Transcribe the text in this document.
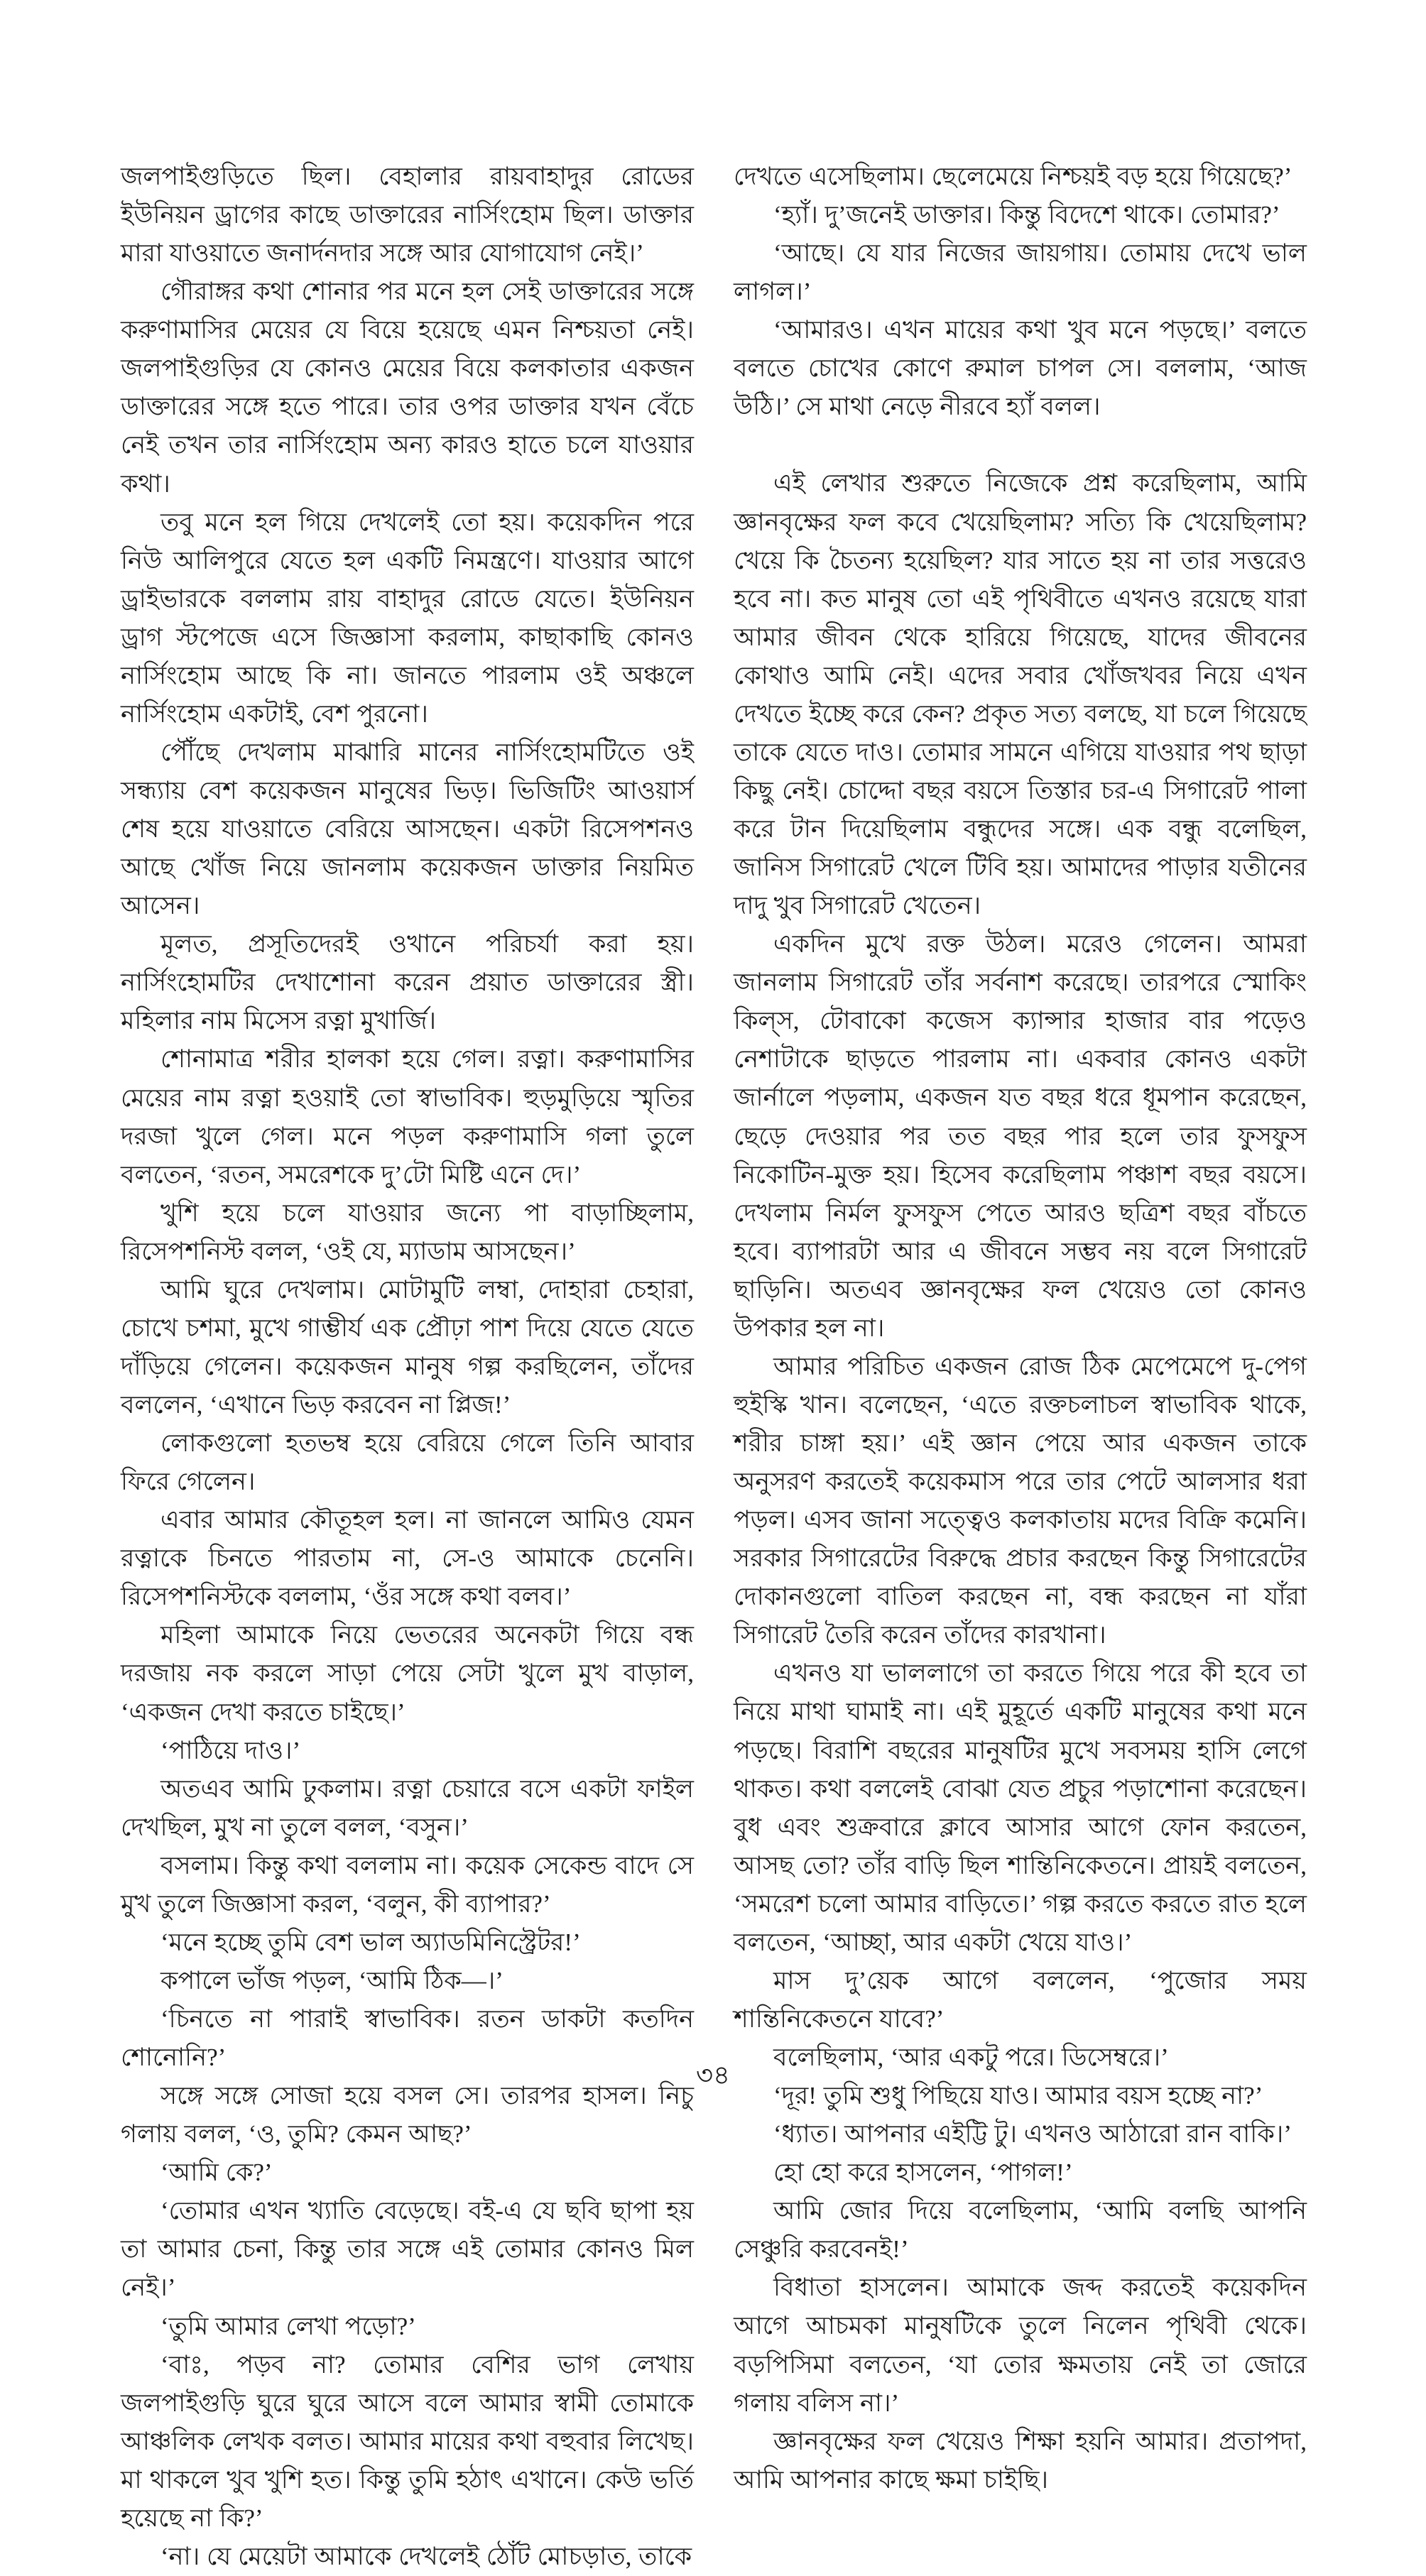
জলপাইগুড়িতে ছিল। বেহালার রায়বাহাদুর রোডের ইউনিয়ন ড্রাগের কাছে ডাক্তারের নার্সিংহোম ছিল। ডাক্তার মারা যাওয়াতে জনার্দনদার সঙ্গে আর যোগাযোগ নেই।’

গৌরাঙ্গর কথা শোনার পর মনে হল সেই ডাক্তারের সঙ্গে করুণামাসির মেয়ের যে বিয়ে হয়েছে এমন নিশ্চয়তা নেই। জলপাইগুড়ির যে কোনও মেয়ের বিয়ে কলকাতার একজন ডাক্তারের সঙ্গে হতে পারে। তার ওপর ডাক্তার যখন বেঁচে নেই তখন তার নার্সিংহোম অন্য কারও হাতে চলে যাওয়ার কথা।

তবু মনে হল গিয়ে দেখলেই তো হয়। কয়েকদিন পরে নিউ আলিপুরে যেতে হল একটি নিমন্ত্রণে। যাওয়ার আগে ড্রাইভারকে বললাম রায় বাহাদুর রোডে যেতে। ইউনিয়ন ড্রাগ স্টপেজে এসে জিজ্ঞাসা করলাম, কাছাকাছি কোনও নার্সিংহোম আছে কি না। জানতে পারলাম ওই অঞ্চলে নার্সিংহোম একটাই, বেশ পুরনো।

পৌঁছে দেখলাম মাঝারি মানের নার্সিংহোমটিতে ওই সন্ধ্যায় বেশ কয়েকজন মানুষের ভিড়। ভিজিটিং আওয়ার্স শেষ হয়ে যাওয়াতে বেরিয়ে আসছেন। একটা রিসেপশনও আছে খোঁজ নিয়ে জানলাম কয়েকজন ডাক্তার নিয়মিত আসেন।

মূলত, প্রসূতিদেরই ওখানে পরিচর্যা করা হয়। নার্সিংহোমটির দেখাশোনা করেন প্রয়াত ডাক্তারের স্ত্রী। মহিলার নাম মিসেস রত্না মুখার্জি।

শোনামাত্র শরীর হালকা হয়ে গেল। রত্না। করুণামাসির মেয়ের নাম রত্না হওয়াই তো স্বাভাবিক। হুড়মুড়িয়ে স্মৃতির দরজা খুলে গেল। মনে পড়ল করুণামাসি গলা তুলে বলতেন, ‘রতন, সমরেশকে দু’টো মিষ্টি এনে দে।’

খুশি হয়ে চলে যাওয়ার জন্যে পা বাড়াচ্ছিলাম, রিসেপশনিস্ট বলল, ‘ওই যে, ম্যাডাম আসছেন।’

আমি ঘুরে দেখলাম। মোটামুটি লম্বা, দোহারা চেহারা, চোখে চশমা, মুখে গাম্ভীর্য এক প্রৌঢ়া পাশ দিয়ে যেতে যেতে দাঁড়িয়ে গেলেন। কয়েকজন মানুষ গল্প করছিলেন, তাঁদের বললেন, ‘এখানে ভিড় করবেন না প্লিজ!’

লোকগুলো হতভম্ব হয়ে বেরিয়ে গেলে তিনি আবার ফিরে গেলেন।

এবার আমার কৌতূহল হল। না জানলে আমিও যেমন রত্নাকে চিনতে পারতাম না, সে-ও আমাকে চেনেনি। রিসেপশনিস্টকে বললাম, ‘ওঁর সঙ্গে কথা বলব।’

মহিলা আমাকে নিয়ে ভেতরের অনেকটা গিয়ে বন্ধ দরজায় নক করলে সাড়া পেয়ে সেটা খুলে মুখ বাড়াল, ‘একজন দেখা করতে চাইছে।’

‘পাঠিয়ে দাও।’

অতএব আমি ঢুকলাম। রত্না চেয়ারে বসে একটা ফাইল দেখছিল, মুখ না তুলে বলল, ‘বসুন।’

বসলাম। কিন্তু কথা বললাম না। কয়েক সেকেন্ড বাদে সে মুখ তুলে জিজ্ঞাসা করল, ‘বলুন, কী ব্যাপার?’

‘মনে হচ্ছে তুমি বেশ ভাল অ্যাডমিনিস্ট্রেটর!’

কপালে ভাঁজ পড়ল, ‘আমি ঠিক—।’

‘চিনতে না পারাই স্বাভাবিক। রতন ডাকটা কতদিন শোনোনি?’

সঙ্গে সঙ্গে সোজা হয়ে বসল সে। তারপর হাসল। নিচু গলায় বলল, ‘ও, তুমি? কেমন আছ?’

‘আমি কে?’

‘তোমার এখন খ্যাতি বেড়েছে। বই-এ যে ছবি ছাপা হয় তা আমার চেনা, কিন্তু তার সঙ্গে এই তোমার কোনও মিল নেই।’

‘তুমি আমার লেখা পড়ো?’

‘বাঃ, পড়ব না? তোমার বেশির ভাগ লেখায় জলপাইগুড়ি ঘুরে ঘুরে আসে বলে আমার স্বামী তোমাকে আঞ্চলিক লেখক বলত। আমার মায়ের কথা বহুবার লিখেছ। মা থাকলে খুব খুশি হত। কিন্তু তুমি হঠাৎ এখানে। কেউ ভর্তি হয়েছে না কি?’

‘না। যে মেয়েটা আমাকে দেখলেই ঠোঁট মোচড়াত, তাকে

দেখতে এসেছিলাম। ছেলেমেয়ে নিশ্চয়ই বড় হয়ে গিয়েছে?’

‘হ্যাঁ। দু’জনেই ডাক্তার। কিন্তু বিদেশে থাকে। তোমার?’

‘আছে। যে যার নিজের জায়গায়। তোমায় দেখে ভাল লাগল।’

‘আমারও। এখন মায়ের কথা খুব মনে পড়ছে।’ বলতে বলতে চোখের কোণে রুমাল চাপল সে। বললাম, ‘আজ উঠি।’ সে মাথা নেড়ে নীরবে হ্যাঁ বলল।

এই লেখার শুরুতে নিজেকে প্রশ্ন করেছিলাম, আমি জ্ঞানবৃক্ষের ফল কবে খেয়েছিলাম? সত্যি কি খেয়েছিলাম? খেয়ে কি চৈতন্য হয়েছিল? যার সাতে হয় না তার সত্তরেও হবে না। কত মানুষ তো এই পৃথিবীতে এখনও রয়েছে যারা আমার জীবন থেকে হারিয়ে গিয়েছে, যাদের জীবনের কোথাও আমি নেই। এদের সবার খোঁজখবর নিয়ে এখন দেখতে ইচ্ছে করে কেন? প্রকৃত সত্য বলছে, যা চলে গিয়েছে তাকে যেতে দাও। তোমার সামনে এগিয়ে যাওয়ার পথ ছাড়া কিছু নেই। চোদ্দো বছর বয়সে তিস্তার চর-এ সিগারেট পালা করে টান দিয়েছিলাম বন্ধুদের সঙ্গে। এক বন্ধু বলেছিল, জানিস সিগারেট খেলে টিবি হয়। আমাদের পাড়ার যতীনের দাদু খুব সিগারেট খেতেন।

একদিন মুখে রক্ত উঠল। মরেও গেলেন। আমরা জানলাম সিগারেট তাঁর সর্বনাশ করেছে। তারপরে স্মোকিং কিল্স, টোবাকো কজেস ক্যান্সার হাজার বার পড়েও নেশাটাকে ছাড়তে পারলাম না। একবার কোনও একটা জার্নালে পড়লাম, একজন যত বছর ধরে ধূমপান করেছেন, ছেড়ে দেওয়ার পর তত বছর পার হলে তার ফুসফুস নিকোটিন-মুক্ত হয়। হিসেব করেছিলাম পঞ্চাশ বছর বয়সে। দেখলাম নির্মল ফুসফুস পেতে আরও ছত্রিশ বছর বাঁচতে হবে। ব্যাপারটা আর এ জীবনে সম্ভব নয় বলে সিগারেট ছাড়িনি। অতএব জ্ঞানবৃক্ষের ফল খেয়েও তো কোনও উপকার হল না।

আমার পরিচিত একজন রোজ ঠিক মেপেমেপে দু-পেগ হুইস্কি খান। বলেছেন, ‘এতে রক্তচলাচল স্বাভাবিক থাকে, শরীর চাঙ্গা হয়।’ এই জ্ঞান পেয়ে আর একজন তাকে অনুসরণ করতেই কয়েকমাস পরে তার পেটে আলসার ধরা পড়ল। এসব জানা সত্ত্বেও কলকাতায় মদের বিক্রি কমেনি। সরকার সিগারেটের বিরুদ্ধে প্রচার করছেন কিন্তু সিগারেটের দোকানগুলো বাতিল করছেন না, বন্ধ করছেন না যাঁরা সিগারেট তৈরি করেন তাঁদের কারখানা।

এখনও যা ভাললাগে তা করতে গিয়ে পরে কী হবে তা নিয়ে মাথা ঘামাই না। এই মুহূর্তে একটি মানুষের কথা মনে পড়ছে। বিরাশি বছরের মানুষটির মুখে সবসময় হাসি লেগে থাকত। কথা বললেই বোঝা যেত প্রচুর পড়াশোনা করেছেন। বুধ এবং শুক্রবারে ক্লাবে আসার আগে ফোন করতেন, আসছ তো? তাঁর বাড়ি ছিল শান্তিনিকেতনে। প্রায়ই বলতেন, ‘সমরেশ চলো আমার বাড়িতে।’ গল্প করতে করতে রাত হলে বলতেন, ‘আচ্ছা, আর একটা খেয়ে যাও।’

মাস দু’য়েক আগে বললেন, ‘পুজোর সময় শান্তিনিকেতনে যাবে?’

বলেছিলাম, ‘আর একটু পরে। ডিসেম্বরে।’

‘দূর! তুমি শুধু পিছিয়ে যাও। আমার বয়স হচ্ছে না?’

‘ধ্যাত। আপনার এইট্টি টু। এখনও আঠারো রান বাকি।’

হো হো করে হাসলেন, ‘পাগল!’

আমি জোর দিয়ে বলেছিলাম, ‘আমি বলছি আপনি সেঞ্চুরি করবেনই!’

বিধাতা হাসলেন। আমাকে জব্দ করতেই কয়েকদিন আগে আচমকা মানুষটিকে তুলে নিলেন পৃথিবী থেকে। বড়পিসিমা বলতেন, ‘যা তোর ক্ষমতায় নেই তা জোরে গলায় বলিস না।’

জ্ঞানবৃক্ষের ফল খেয়েও শিক্ষা হয়নি আমার। প্রতাপদা, আমি আপনার কাছে ক্ষমা চাইছি।

৩৪
